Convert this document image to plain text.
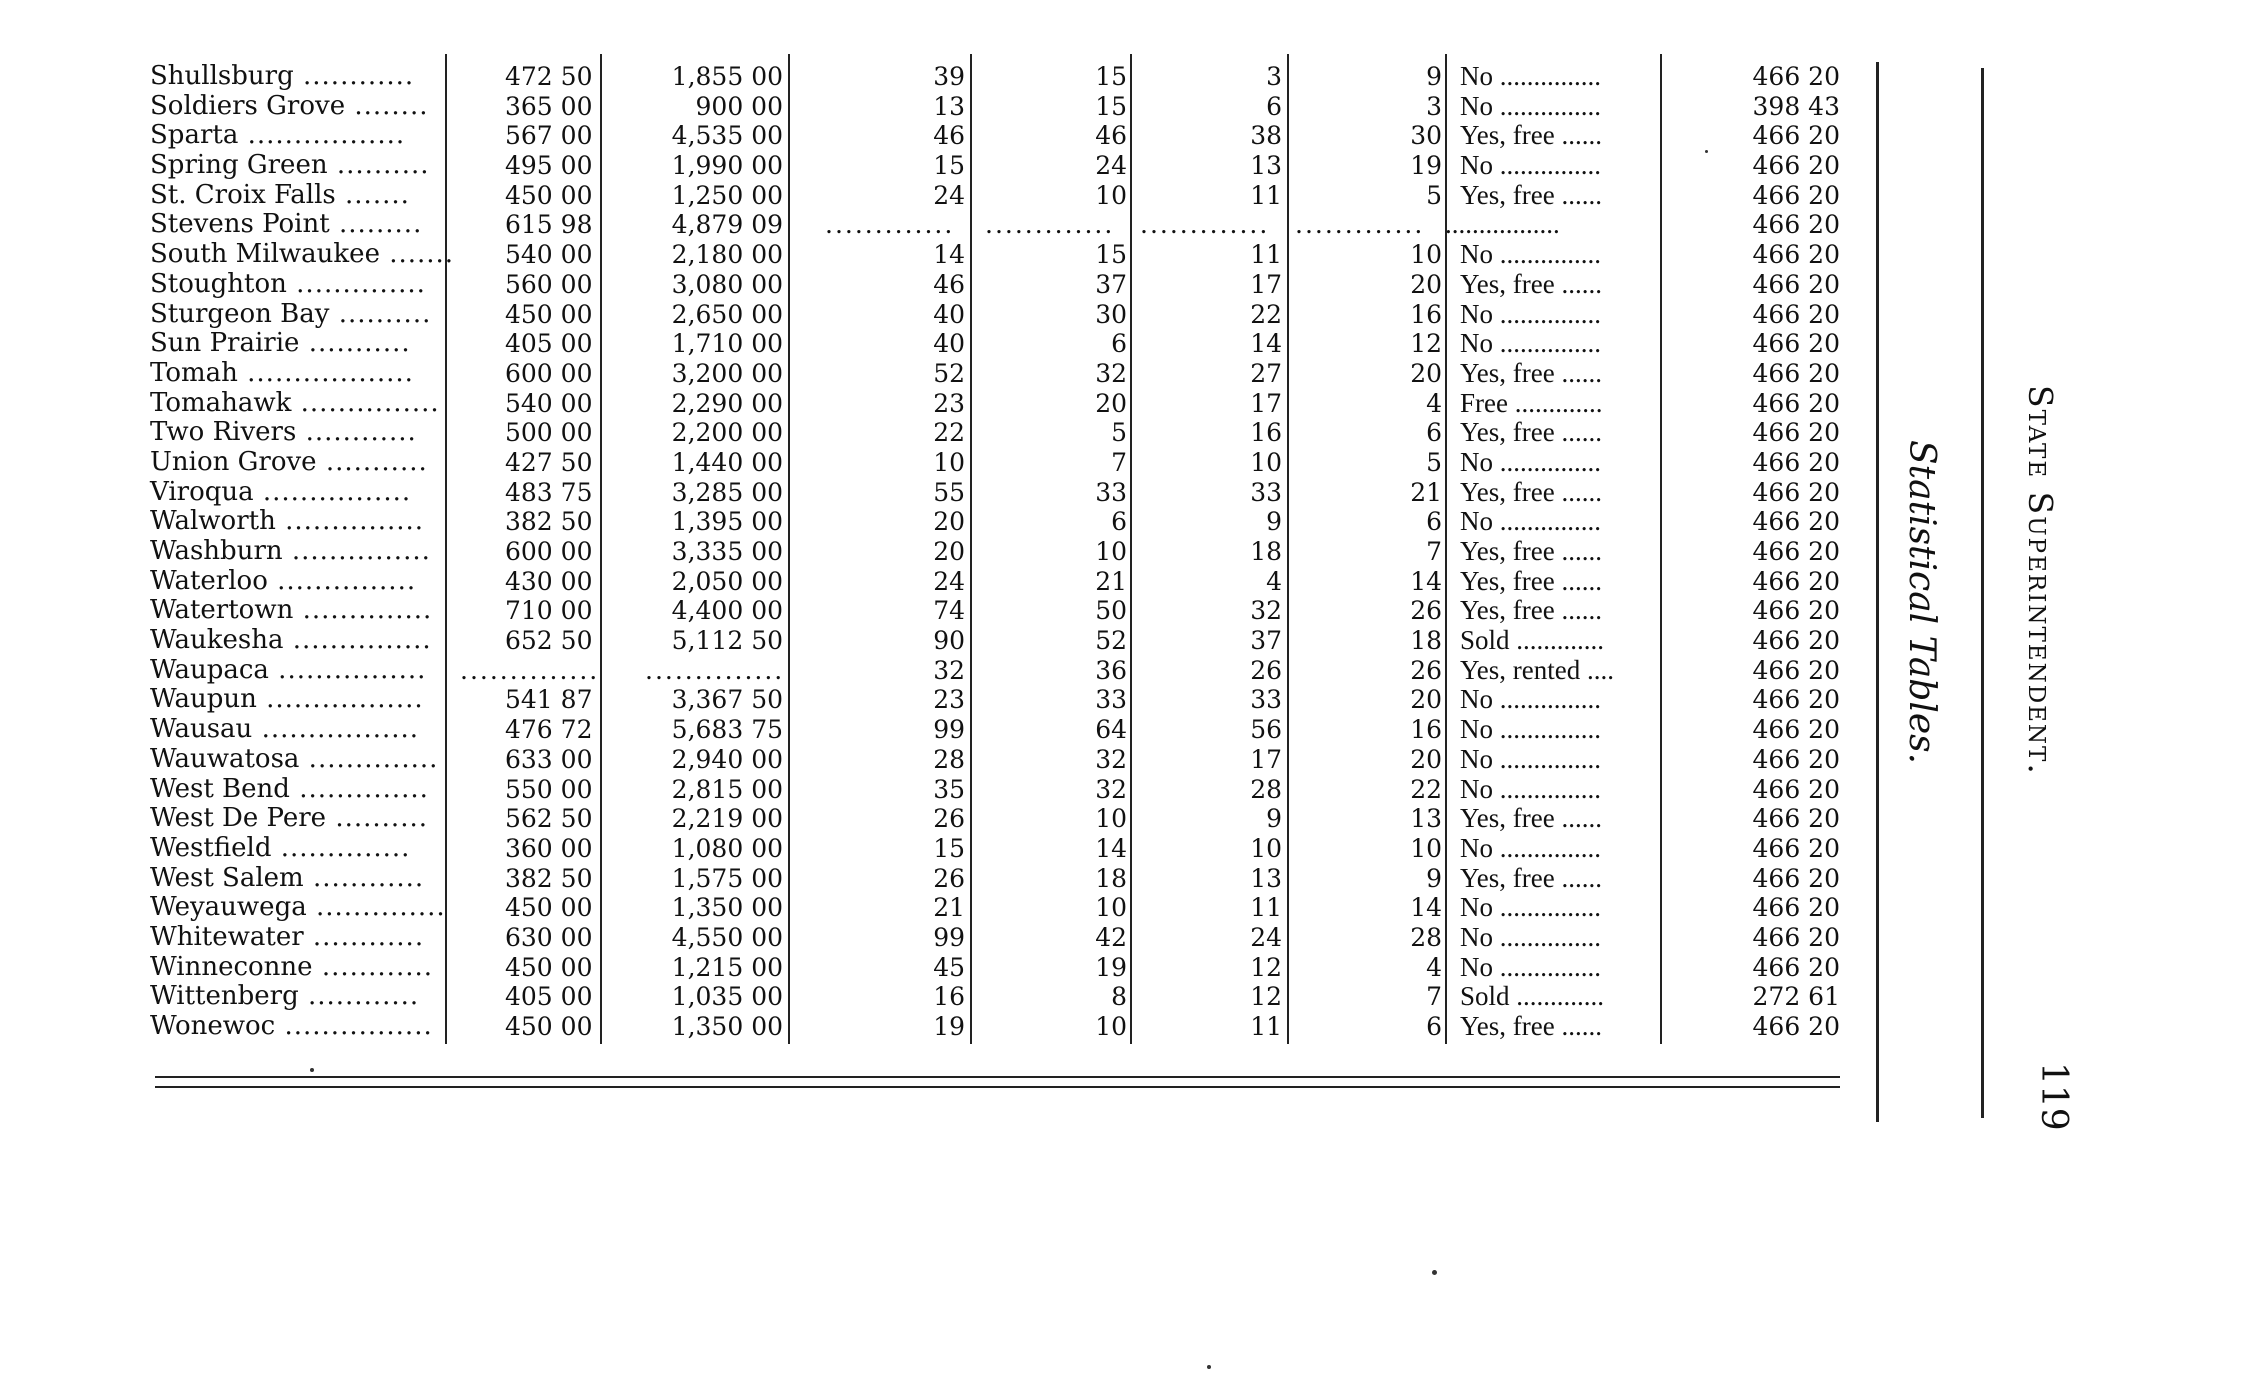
Shullsburg ............	472 50	1,855 00	39	15	3	9 No ...............	466 20
Soldiers Grove ........	365 00	900 00	13	15	6	3 No ...............	398 43
Sparta .................	567 00	4,535 00	46	46	38	30 Yes, free ......	466 20
Spring Green ..........	495 00	1,990 00	15	24	13	19 No ...............	466 20
St. Croix Falls .......	450 00	1,250 00	24	10	11	5 Yes, free ......	466 20
Stevens Point .........	615 98	4,879 09 .............	.............	.............	............. .................	466 20
South Milwaukee ....... 540 00	2,180 00	14	15	11	10 No ...............	466 20
Stoughton ..............	560 00	3,080 00	46	37	17	20 Yes, free ......	466 20
Sturgeon Bay ..........	450 00	2,650 00	40	30	22	16 No ...............	466 20
Sun Prairie ...........	405 00	1,710 00	40	6	14	12 No ...............	466 20
Tomah ..................	600 00	3,200 00	52	32	27	20 Yes, free ......	466 20
Tomahawk ...............	540 00	2,290 00	23	20	17	4 Free .............	466 20
Two Rivers ............	500 00	2,200 00	22	5	16	6 Yes, free ......	466 20
Union Grove ...........	427 50	1,440 00	10	7	10	5 No ...............	466 20
Viroqua ................	483 75	3,285 00	55	33	33	21 Yes, free ......	466 20
Walworth ...............	382 50	1,395 00	20	6	9	6 No ...............	466 20
Washburn ...............	600 00	3,335 00	20	10	18	7 Yes, free ......	466 20
Waterloo ...............	430 00	2,050 00	24	21	4	14 Yes, free ......	466 20
Watertown ..............	710 00	4,400 00	74	50	32	26 Yes, free ......	466 20
Waukesha ...............	652 50	5,112 50	90	52	37	18 Sold .............	466 20
Waupaca ................	.............. ..............	32	36	26	26 Yes, rented ....	466 20
Waupun .................	541 87	3,367 50	23	33	33	20 No ...............	466 20
Wausau .................	476 72	5,683 75	99	64	56	16 No ...............	466 20
Wauwatosa ..............	633 00	2,940 00	28	32	17	20 No ...............	466 20
West Bend ..............	550 00	2,815 00	35	32	28	22 No ...............	466 20
West De Pere ..........	562 50	2,219 00	26	10	9	13 Yes, free ......	466 20
Westfield ..............	360 00	1,080 00	15	14	10	10 No ...............	466 20
West Salem ............	382 50	1,575 00	26	18	13	9 Yes, free ......	466 20
Weyauwega .............. 450 00	1,350 00	21	10	11	14 No ...............	466 20
Whitewater ............	630 00	4,550 00	99	42	24	28 No ...............	466 20
Winneconne ............	450 00	1,215 00	45	19	12	4 No ...............	466 20
Wittenberg ............	405 00	1,035 00	16	8	12	7 Sold .............	272 61
Wonewoc ................	450 00	1,350 00	19	10	11	6 Yes, free ......	466 20
Statistical Tables. State Superintendent.
119
